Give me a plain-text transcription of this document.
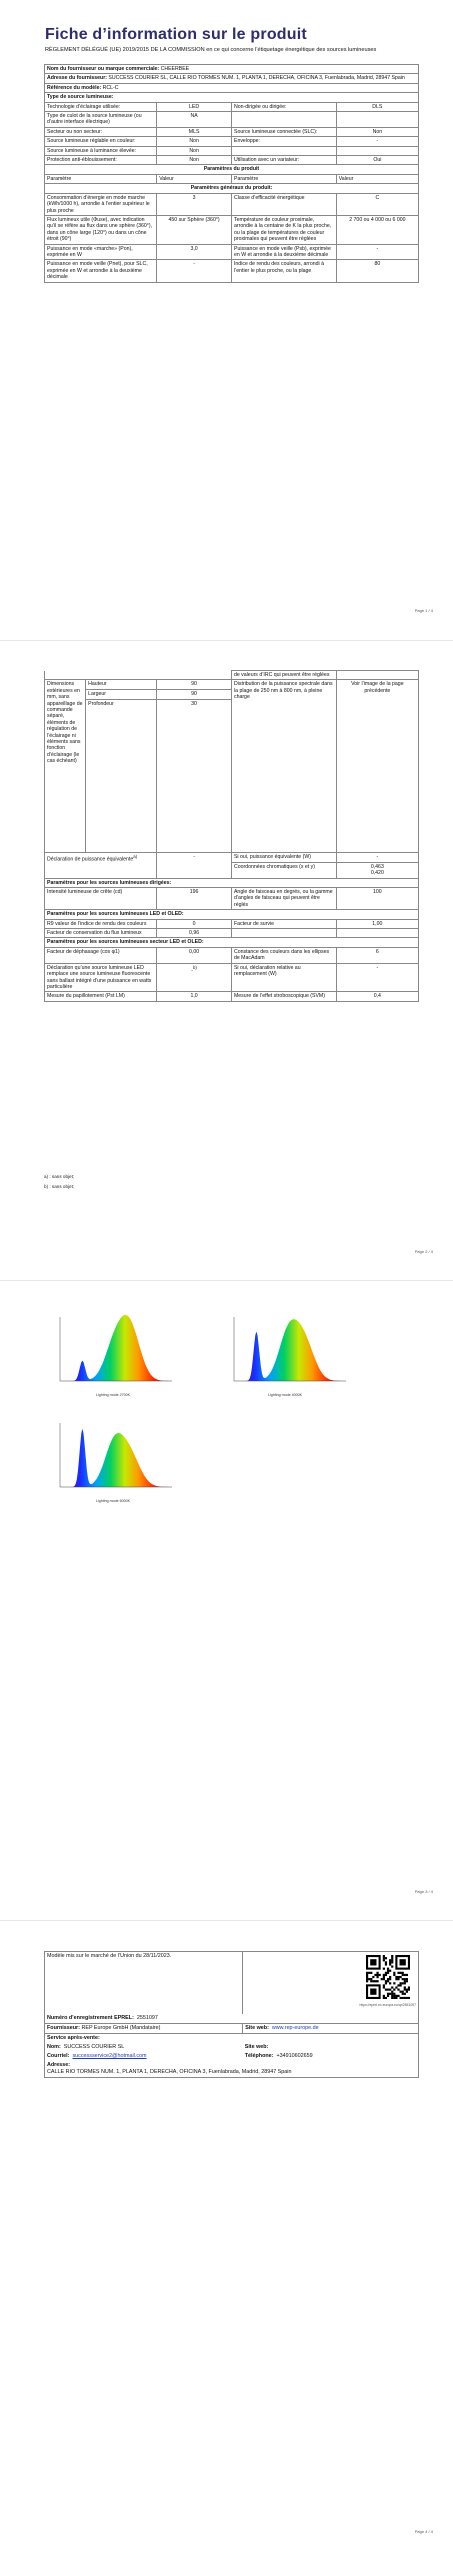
Fiche d’information sur le produit
RÈGLEMENT DÉLÉGUÉ (UE) 2019/2015 DE LA COMMISSION en ce qui concerne l’étiquetage énergétique des sources lumineuses
Nom du fournisseur ou marque commerciale: CHEERBEE			
Adresse du fournisseur: SUCCESS COURIER SL, CALLE RIO TORMES NUM. 1, PLANTA 1, DERECHA, OFICINA 3, Fuenlabrada, Madrid, 28947 Spain			
Référence du modèle: RCL-C			
Type de source lumineuse:			
Technologie d’éclairage utilisée:	LED	Non-dirigée ou dirigée:	DLS
Type de culot de la source lumineuse (ou d’autre interface électrique)	NA		
Secteur ou non secteur:	MLS	Source lumineuse connectée (SLC):	Non
Source lumineuse réglable en couleur:	Non	Enveloppe:	-
Source lumineuse à luminance élevée:	Non		
Protection anti-éblouissement:	Non	Utilisation avec un variateur:	Oui
Paramètres du produit			
Paramètre	Valeur	Paramètre	Valeur
Paramètres généraux du produit:			
Consommation d’énergie en mode marche (kWh/1000 h), arrondie à l’entier supérieur le plus proche	3	Classe d’efficacité énergétique	C
Flux lumineux utile (Φuse), avec indication qu’il se réfère au flux dans une sphère (360°), dans un cône large (120°) ou dans un cône étroit (90°)	450 sur Sphère (360°)	Température de couleur proximale, arrondie à la centaine de K la plus proche, ou la plage de températures de couleur proximales qui peuvent être réglées	2 700 ou 4 000 ou 6 000
Puissance en mode «marche» (Pon), exprimée en W	3,0	Puissance en mode veille (Psb), exprimée en W et arrondie à la deuxième décimale	-
Puissance en mode veille (Pnet), pour SLC, exprimée en W et arrondie à la deuxième décimale	-	Indice de rendu des couleurs, arrondi à l’entier le plus proche, ou la plage	80
Page 1 / 4
			de valeurs d’IRC qui peuvent être réglées	
Dimensions extérieures en mm, sans appareillage de commande séparé, éléments de régulation de l’éclairage ni éléments sans fonction d’éclairage (le cas échéant)	Hauteur	90	Distribution de la puissance spectrale dans la plage de 250 nm à 800 nm, à pleine charge	Voir l’image de la page précédente
	Largeur	90		
	Profondeur	30		
Déclaration de puissance équivalente$^{a)}$		-	Si oui, puissance équivalente (W)	-
			Coordonnées chromatiques (x et y)	0,463
0,420

Paramètres pour les sources lumineuses dirigées:				
Intensité lumineuse de crête (cd)		196	Angle de faisceau en degrés, ou la gamme d’angles de faisceau qui peuvent être réglés	100
Paramètres pour les sources lumineuses LED et OLED:				
R9 valeur de l’indice de rendu des couleurs		0	Facteur de survie	1,00
Facteur de conservation du flux lumineux		0,96		
Paramètres pour les sources lumineuses secteur LED et OLED:				
Facteur de déphasage (cos φ1)		0,00	Constance des couleurs dans les ellipses de MacAdam	6
Déclaration qu’une source lumineuse LED remplace une source lumineuse fluorescente sans ballast intégré d’une puissance en watts particulière		-$^{b)}$	Si oui, déclaration relative au remplacement (W)	-
Mesure du papillotement (Pst LM)		1,0	Mesure de l’effet stroboscopique (SVM)	0,4
a) : sans objet;
b) : sans objet;
Page 2 / 4
Lighting mode 2700K	Lighting mode 4000K
Lighting mode 6000K
Page 3 / 4
Modèle mis sur le marché de l’Union du 28/11/2023.	https://eprel.ec.europa.eu/qr/2551097

Numéro d’enregistrement EPREL: 2551097	
Fournisseur: REP Europe GmbH (Mandataire)	Site web: www.rep-europe.de
Service après-vente:	
Nom: SUCCESS COURIER SL	Site web:
Courriel: successservice2@hotmail.com	Téléphone: +34910602659
Adresse:
CALLE RIO TORMES NUM. 1, PLANTA 1, DERECHA, OFICINA 3, Fuenlabrada, Madrid, 28947 Spain	
Page 4 / 4
